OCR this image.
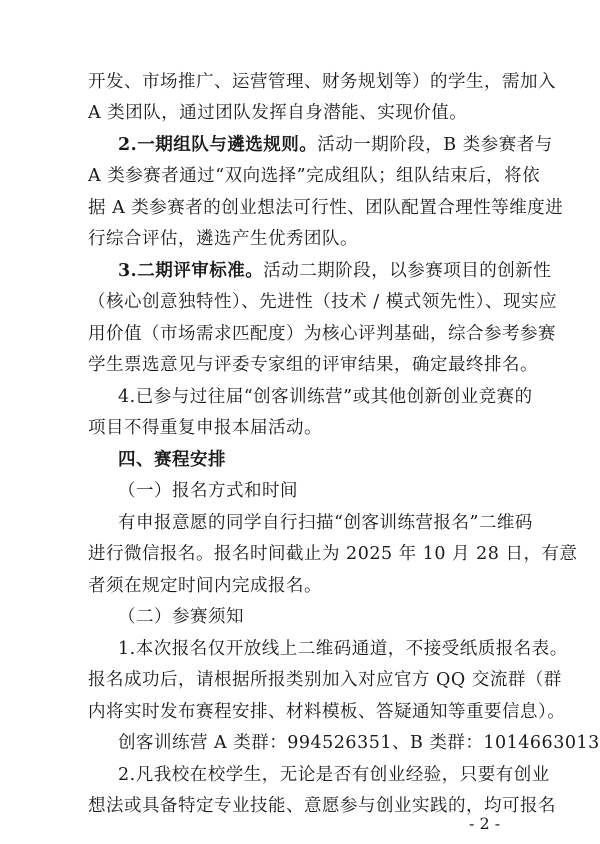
开发、市场推广、运营管理、财务规划等）的学生，需加入
A 类团队，通过团队发挥自身潜能、实现价值。
2.一期组队与遴选规则。活动一期阶段，B 类参赛者与
A 类参赛者通过“双向选择”完成组队；组队结束后，将依
据 A 类参赛者的创业想法可行性、团队配置合理性等维度进
行综合评估，遴选产生优秀团队。
3.二期评审标准。活动二期阶段，以参赛项目的创新性
（核心创意独特性）、先进性（技术 / 模式领先性）、现实应
用价值（市场需求匹配度）为核心评判基础，综合参考参赛
学生票选意见与评委专家组的评审结果，确定最终排名。
4.已参与过往届“创客训练营”或其他创新创业竞赛的
项目不得重复申报本届活动。
四、赛程安排
（一）报名方式和时间
有申报意愿的同学自行扫描“创客训练营报名”二维码
进行微信报名。报名时间截止为 2025 年 10 月 28 日，有意
者须在规定时间内完成报名。
（二）参赛须知
1.本次报名仅开放线上二维码通道，不接受纸质报名表。
报名成功后，请根据所报类别加入对应官方 QQ 交流群（群
内将实时发布赛程安排、材料模板、答疑通知等重要信息）。
创客训练营 A 类群：994526351、B 类群：1014663013
2.凡我校在校学生，无论是否有创业经验，只要有创业
想法或具备特定专业技能、意愿参与创业实践的，均可报名
- 2 -
